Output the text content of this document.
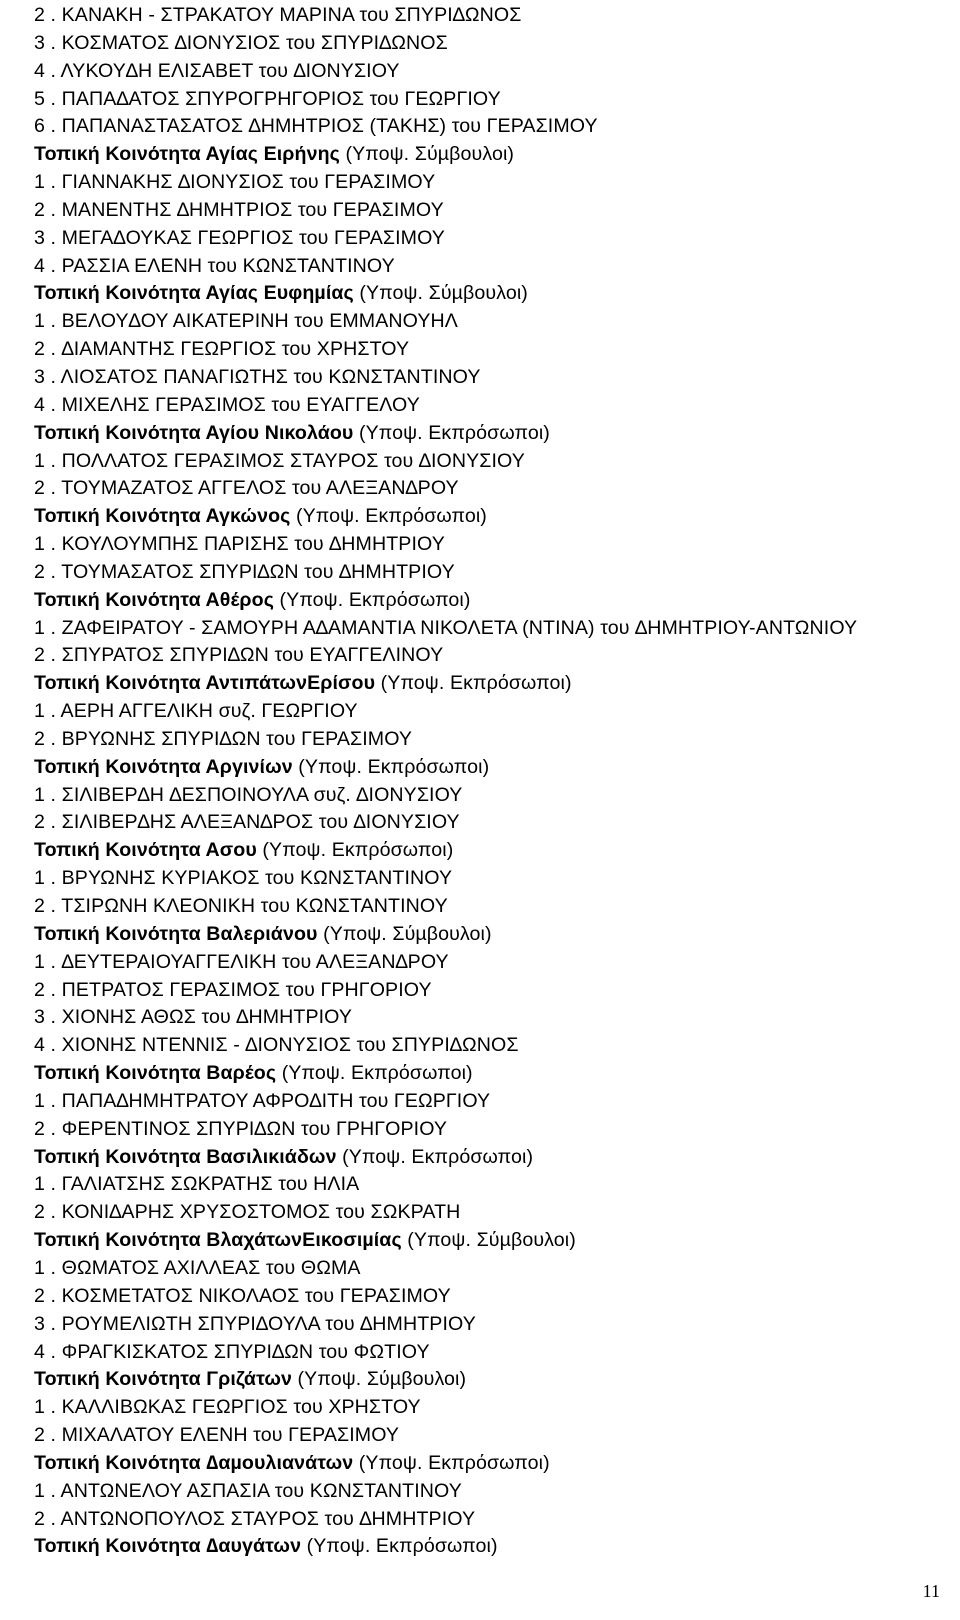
2 . ΚΑΝΑΚΗ - ΣΤΡΑΚΑΤΟΥ ΜΑΡΙΝΑ του ΣΠΥΡΙ∆ΩΝΟΣ
3 . ΚΟΣΜΑΤΟΣ ∆ΙΟΝΥΣΙΟΣ του ΣΠΥΡΙ∆ΩΝΟΣ
4 . ΛΥΚΟΥ∆Η ΕΛΙΣΑΒΕΤ του ∆ΙΟΝΥΣΙΟΥ
5 . ΠΑΠΑ∆ΑΤΟΣ ΣΠΥΡΟΓΡΗΓΟΡΙΟΣ του ΓΕΩΡΓΙΟΥ
6 . ΠΑΠΑΝΑΣΤΑΣΑΤΟΣ ∆ΗΜΗΤΡΙΟΣ (ΤΑΚΗΣ) του ΓΕΡΑΣΙΜΟΥ
Τοπική Κοινότητα Αγίας Ειρήνης (Υποψ. Σύµβουλοι)
1 . ΓΙΑΝΝΑΚΗΣ ∆ΙΟΝΥΣΙΟΣ του ΓΕΡΑΣΙΜΟΥ
2 . ΜΑΝΕΝΤΗΣ ∆ΗΜΗΤΡΙΟΣ του ΓΕΡΑΣΙΜΟΥ
3 . ΜΕΓΑ∆ΟΥΚΑΣ ΓΕΩΡΓΙΟΣ του ΓΕΡΑΣΙΜΟΥ
4 . ΡΑΣΣΙΑ ΕΛΕΝΗ του ΚΩΝΣΤΑΝΤΙΝΟΥ
Τοπική Κοινότητα Αγίας Ευφηµίας (Υποψ. Σύµβουλοι)
1 . ΒΕΛΟΥ∆ΟΥ ΑΙΚΑΤΕΡΙΝΗ του ΕΜΜΑΝΟΥΗΛ
2 . ∆ΙΑΜΑΝΤΗΣ ΓΕΩΡΓΙΟΣ του ΧΡΗΣΤΟΥ
3 . ΛΙΟΣΑΤΟΣ ΠΑΝΑΓΙΩΤΗΣ του ΚΩΝΣΤΑΝΤΙΝΟΥ
4 . ΜΙΧΕΛΗΣ ΓΕΡΑΣΙΜΟΣ του ΕΥΑΓΓΕΛΟΥ
Τοπική Κοινότητα Αγίου Νικολάου (Υποψ. Εκπρόσωποι)
1 . ΠΟΛΛΑΤΟΣ ΓΕΡΑΣΙΜΟΣ ΣΤΑΥΡΟΣ του ∆ΙΟΝΥΣΙΟΥ
2 . ΤΟΥΜΑΖΑΤΟΣ ΑΓΓΕΛΟΣ του ΑΛΕΞΑΝ∆ΡΟΥ
Τοπική Κοινότητα Αγκώνος (Υποψ. Εκπρόσωποι)
1 . ΚΟΥΛΟΥΜΠΗΣ ΠΑΡΙΣΗΣ του ∆ΗΜΗΤΡΙΟΥ
2 . ΤΟΥΜΑΣΑΤΟΣ ΣΠΥΡΙ∆ΩΝ του ∆ΗΜΗΤΡΙΟΥ
Τοπική Κοινότητα Αθέρος (Υποψ. Εκπρόσωποι)
1 . ΖΑΦΕΙΡΑΤΟΥ - ΣΑΜΟΥΡΗ Α∆ΑΜΑΝΤΙΑ ΝΙΚΟΛΕΤΑ (ΝΤΙΝΑ) του ∆ΗΜΗΤΡΙΟΥ-ΑΝΤΩΝΙΟΥ
2 . ΣΠΥΡΑΤΟΣ ΣΠΥΡΙ∆ΩΝ του ΕΥΑΓΓΕΛΙΝΟΥ
Τοπική Κοινότητα ΑντιπάτωνΕρίσου (Υποψ. Εκπρόσωποι)
1 . ΑΕΡΗ ΑΓΓΕΛΙΚΗ συζ. ΓΕΩΡΓΙΟΥ
2 . ΒΡΥΩΝΗΣ ΣΠΥΡΙ∆ΩΝ του ΓΕΡΑΣΙΜΟΥ
Τοπική Κοινότητα Αργινίων (Υποψ. Εκπρόσωποι)
1 . ΣΙΛΙΒΕΡ∆Η ∆ΕΣΠΟΙΝΟΥΛΑ συζ. ∆ΙΟΝΥΣΙΟΥ
2 . ΣΙΛΙΒΕΡ∆ΗΣ ΑΛΕΞΑΝ∆ΡΟΣ του ∆ΙΟΝΥΣΙΟΥ
Τοπική Κοινότητα Ασου (Υποψ. Εκπρόσωποι)
1 . ΒΡΥΩΝΗΣ ΚΥΡΙΑΚΟΣ του ΚΩΝΣΤΑΝΤΙΝΟΥ
2 . ΤΣΙΡΩΝΗ ΚΛΕΟΝΙΚΗ του ΚΩΝΣΤΑΝΤΙΝΟΥ
Τοπική Κοινότητα Βαλεριάνου (Υποψ. Σύµβουλοι)
1 . ∆ΕΥΤΕΡΑΙΟΥΑΓΓΕΛΙΚΗ του ΑΛΕΞΑΝ∆ΡΟΥ
2 . ΠΕΤΡΑΤΟΣ ΓΕΡΑΣΙΜΟΣ του ΓΡΗΓΟΡΙΟΥ
3 . ΧΙΟΝΗΣ ΑΘΩΣ του ∆ΗΜΗΤΡΙΟΥ
4 . ΧΙΟΝΗΣ ΝΤΕΝΝΙΣ - ∆ΙΟΝΥΣΙΟΣ του ΣΠΥΡΙ∆ΩΝΟΣ
Τοπική Κοινότητα Βαρέος (Υποψ. Εκπρόσωποι)
1 . ΠΑΠΑ∆ΗΜΗΤΡΑΤΟΥ ΑΦΡΟ∆ΙΤΗ του ΓΕΩΡΓΙΟΥ
2 . ΦΕΡΕΝΤΙΝΟΣ ΣΠΥΡΙ∆ΩΝ του ΓΡΗΓΟΡΙΟΥ
Τοπική Κοινότητα Βασιλικιάδων (Υποψ. Εκπρόσωποι)
1 . ΓΑΛΙΑΤΣΗΣ ΣΩΚΡΑΤΗΣ του ΗΛΙΑ
2 . ΚΟΝΙ∆ΑΡΗΣ ΧΡΥΣΟΣΤΟΜΟΣ του ΣΩΚΡΑΤΗ
Τοπική Κοινότητα ΒλαχάτωνΕικοσιµίας (Υποψ. Σύµβουλοι)
1 . ΘΩΜΑΤΟΣ ΑΧΙΛΛΕΑΣ του ΘΩΜΑ
2 . ΚΟΣΜΕΤΑΤΟΣ ΝΙΚΟΛΑΟΣ του ΓΕΡΑΣΙΜΟΥ
3 . ΡΟΥΜΕΛΙΩΤΗ ΣΠΥΡΙ∆ΟΥΛΑ του ∆ΗΜΗΤΡΙΟΥ
4 . ΦΡΑΓΚΙΣΚΑΤΟΣ ΣΠΥΡΙ∆ΩΝ του ΦΩΤΙΟΥ
Τοπική Κοινότητα Γριζάτων (Υποψ. Σύµβουλοι)
1 . ΚΑΛΛΙΒΩΚΑΣ ΓΕΩΡΓΙΟΣ του ΧΡΗΣΤΟΥ
2 . ΜΙΧΑΛΑΤΟΥ ΕΛΕΝΗ του ΓΕΡΑΣΙΜΟΥ
Τοπική Κοινότητα ∆αµουλιανάτων (Υποψ. Εκπρόσωποι)
1 . ΑΝΤΩΝΕΛΟΥ ΑΣΠΑΣΙΑ του ΚΩΝΣΤΑΝΤΙΝΟΥ
2 . ΑΝΤΩΝΟΠΟΥΛΟΣ ΣΤΑΥΡΟΣ του ∆ΗΜΗΤΡΙΟΥ
Τοπική Κοινότητα ∆αυγάτων (Υποψ. Εκπρόσωποι)
11
